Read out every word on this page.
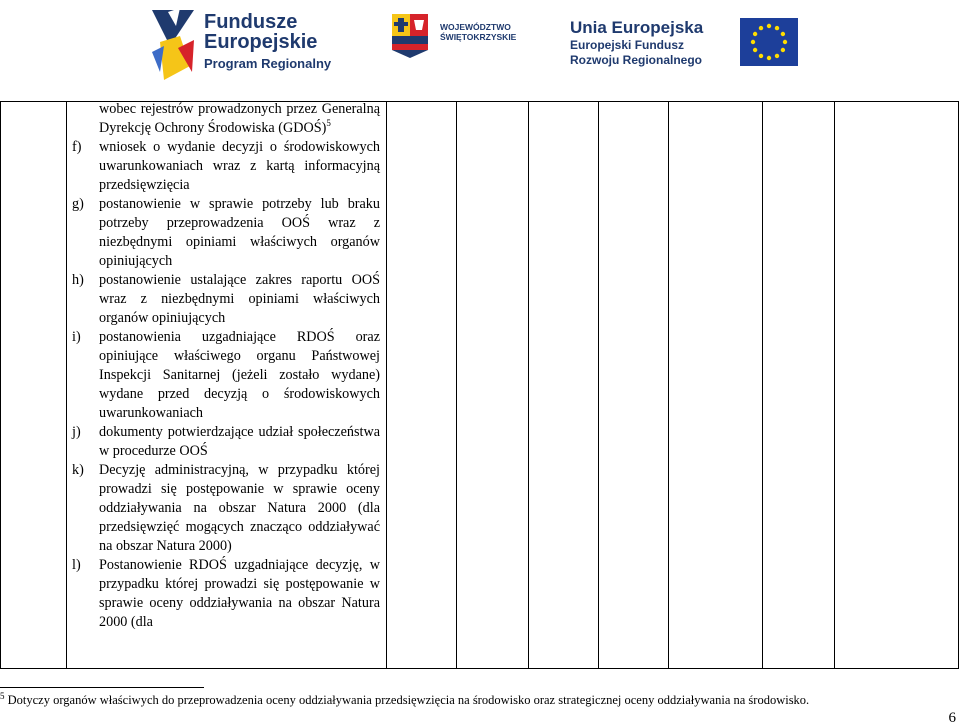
Fundusze
Europejskie
Program Regionalny
WOJEWÓDZTWO
ŚWIĘTOKRZYSKIE	Unia Europejska
Europejski Fundusz
Rozwoju Regionalnego
wobec rejestrów prowadzonych przez Generalną Dyrekcję Ochrony Środowiska (GDOŚ)$^5$
f) wniosek o wydanie decyzji o środowiskowych uwarunkowaniach wraz z kartą informacyjną przedsięwzięcia
g) postanowienie w sprawie potrzeby lub braku potrzeby przeprowadzenia OOŚ wraz z niezbędnymi opiniami właściwych organów opiniujących
h) postanowienie ustalające zakres raportu OOŚ wraz z niezbędnymi opiniami właściwych organów opiniujących
i) postanowienia uzgadniające RDOŚ oraz opiniujące właściwego organu Państwowej Inspekcji Sanitarnej (jeżeli zostało wydane) wydane przed decyzją o środowiskowych uwarunkowaniach
j) dokumenty potwierdzające udział społeczeństwa w procedurze OOŚ
k) Decyzję administracyjną, w przypadku której prowadzi się postępowanie w sprawie oceny oddziaływania na obszar Natura 2000 (dla przedsięwzięć mogących znacząco oddziaływać na obszar Natura 2000)
l) Postanowienie RDOŚ uzgadniające decyzję, w przypadku której prowadzi się postępowanie w sprawie oceny oddziaływania na obszar Natura 2000 (dla
$^5$ Dotyczy organów właściwych do przeprowadzenia oceny oddziaływania przedsięwzięcia na środowisko oraz strategicznej oceny oddziaływania na środowisko.
6
